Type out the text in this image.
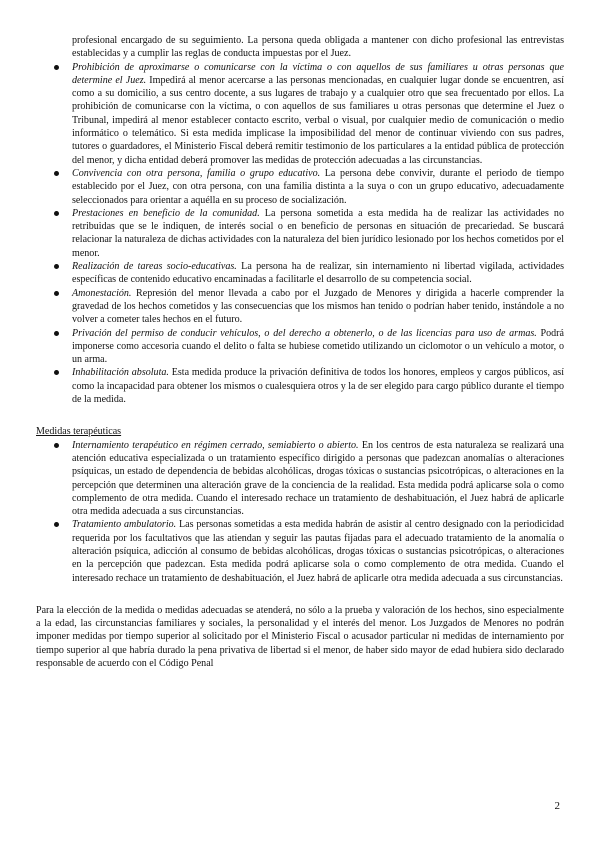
profesional encargado de su seguimiento. La persona queda obligada a mantener con dicho profesional las entrevistas establecidas y a cumplir las reglas de conducta impuestas por el Juez.

Prohibición de aproximarse o comunicarse con la víctima o con aquellos de sus familiares u otras personas que determine el Juez. Impedirá al menor acercarse a las personas mencionadas, en cualquier lugar donde se encuentren, así como a su domicilio, a sus centro docente, a sus lugares de trabajo y a cualquier otro que sea frecuentado por ellos. La prohibición de comunicarse con la víctima, o con aquellos de sus familiares u otras personas que determine el Juez o Tribunal, impedirá al menor establecer contacto escrito, verbal o visual, por cualquier medio de comunicación o medio informático o telemático. Si esta medida implicase la imposibilidad del menor de continuar viviendo con sus padres, tutores o guardadores, el Ministerio Fiscal deberá remitir testimonio de los particulares a la entidad pública de protección del menor, y dicha entidad deberá promover las medidas de protección adecuadas a las circunstancias.
Convivencia con otra persona, familia o grupo educativo. La persona debe convivir, durante el periodo de tiempo establecido por el Juez, con otra persona, con una familia distinta a la suya o con un grupo educativo, adecuadamente seleccionados para orientar a aquélla en su proceso de socialización.
Prestaciones en beneficio de la comunidad. La persona sometida a esta medida ha de realizar las actividades no retribuidas que se le indiquen, de interés social o en beneficio de personas en situación de precariedad. Se buscará relacionar la naturaleza de dichas actividades con la naturaleza del bien jurídico lesionado por los hechos cometidos por el menor.
Realización de tareas socio-educativas. La persona ha de realizar, sin internamiento ni libertad vigilada, actividades específicas de contenido educativo encaminadas a facilitarle el desarrollo de su competencia social.
Amonestación. Represión del menor llevada a cabo por el Juzgado de Menores y dirigida a hacerle comprender la gravedad de los hechos cometidos y las consecuencias que los mismos han tenido o podrían haber tenido, instándole a no volver a cometer tales hechos en el futuro.
Privación del permiso de conducir vehículos, o del derecho a obtenerlo, o de las licencias para uso de armas. Podrá imponerse como accesoria cuando el delito o falta se hubiese cometido utilizando un ciclomotor o un vehículo a motor, o un arma.
Inhabilitación absoluta. Esta medida produce la privación definitiva de todos los honores, empleos y cargos públicos, así como la incapacidad para obtener los mismos o cualesquiera otros y la de ser elegido para cargo público durante el tiempo de la medida.
Medidas terapéuticas
Internamiento terapéutico en régimen cerrado, semiabierto o abierto. En los centros de esta naturaleza se realizará una atención educativa especializada o un tratamiento específico dirigido a personas que padezcan anomalías o alteraciones psíquicas, un estado de dependencia de bebidas alcohólicas, drogas tóxicas o sustancias psicotrópicas, o alteraciones en la percepción que determinen una alteración grave de la conciencia de la realidad. Esta medida podrá aplicarse sola o como complemento de otra medida. Cuando el interesado rechace un tratamiento de deshabituación, el Juez habrá de aplicarle otra medida adecuada a sus circunstancias.
Tratamiento ambulatorio. Las personas sometidas a esta medida habrán de asistir al centro designado con la periodicidad requerida por los facultativos que las atiendan y seguir las pautas fijadas para el adecuado tratamiento de la anomalía o alteración psíquica, adicción al consumo de bebidas alcohólicas, drogas tóxicas o sustancias psicotrópicas, o alteraciones en la percepción que padezcan. Esta medida podrá aplicarse sola o como complemento de otra medida. Cuando el interesado rechace un tratamiento de deshabituación, el Juez habrá de aplicarle otra medida adecuada a sus circunstancias.

Para la elección de la medida o medidas adecuadas se atenderá, no sólo a la prueba y valoración de los hechos, sino especialmente a la edad, las circunstancias familiares y sociales, la personalidad y el interés del menor. Los Juzgados de Menores no podrán imponer medidas por tiempo superior al solicitado por el Ministerio Fiscal o acusador particular ni medidas de internamiento por tiempo superior al que habría durado la pena privativa de libertad si el menor, de haber sido mayor de edad hubiera sido declarado responsable de acuerdo con el Código Penal

2
